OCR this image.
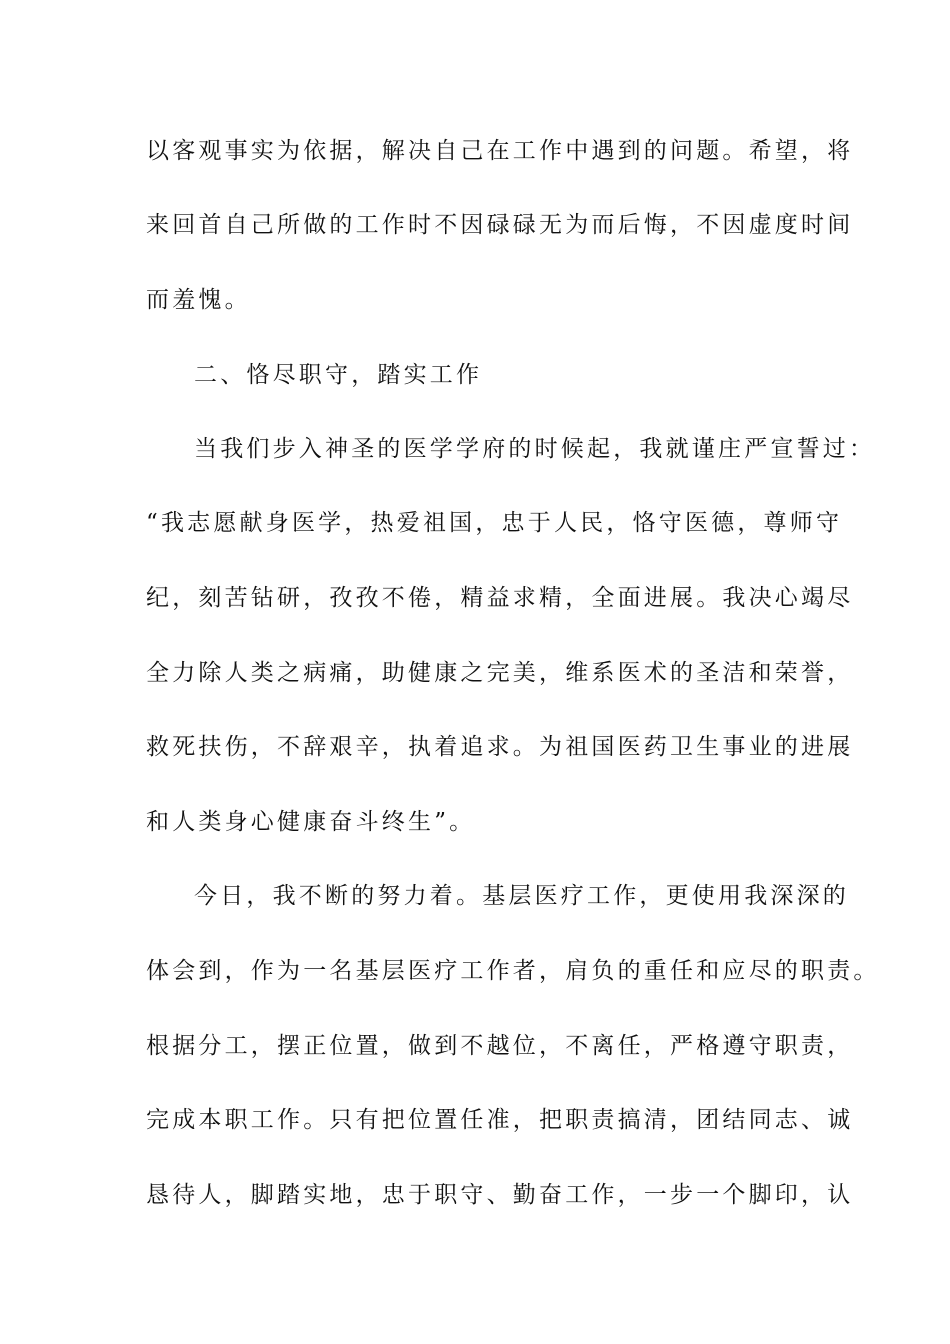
以客观事实为依据，解决自己在工作中遇到的问题。希望，将
来回首自己所做的工作时不因碌碌无为而后悔，不因虚度时间
而羞愧。
二、恪尽职守，踏实工作
当我们步入神圣的医学学府的时候起，我就谨庄严宣誓过：
“我志愿献身医学，热爱祖国，忠于人民，恪守医德，尊师守
纪，刻苦钻研，孜孜不倦，精益求精，全面进展。我决心竭尽
全力除人类之病痛，助健康之完美，维系医术的圣洁和荣誉，
救死扶伤，不辞艰辛，执着追求。为祖国医药卫生事业的进展
和人类身心健康奋斗终生”。
今日，我不断的努力着。基层医疗工作，更使用我深深的
体会到，作为一名基层医疗工作者，肩负的重任和应尽的职责。
根据分工，摆正位置，做到不越位，不离任，严格遵守职责，
完成本职工作。只有把位置任准，把职责搞清，团结同志、诚
恳待人，脚踏实地，忠于职守、勤奋工作，一步一个脚印，认
